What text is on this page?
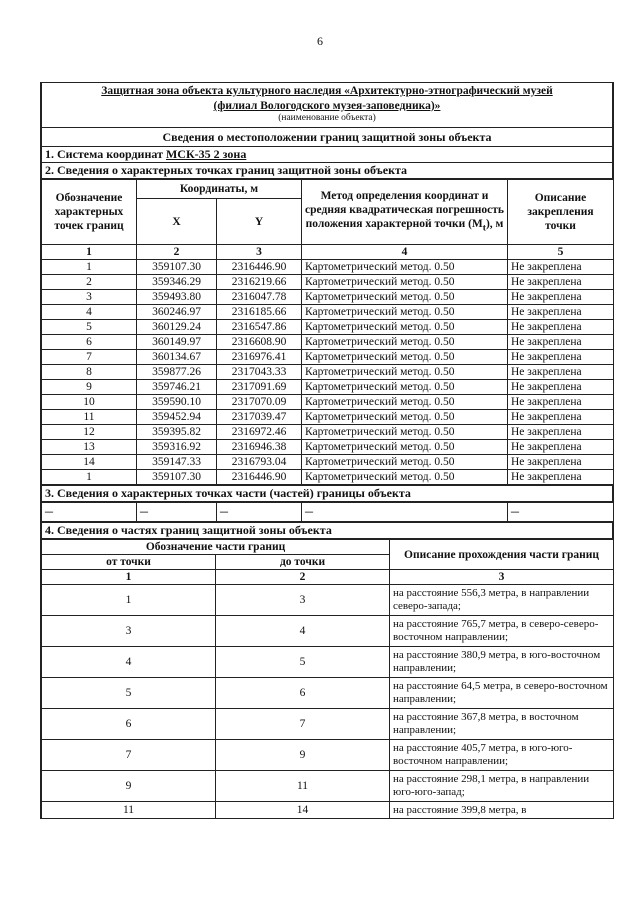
6
Защитная зона объекта культурного наследия «Архитектурно-этнографический музей
(филиал Вологодского музея-заповедника)»
(наименование объекта)

Сведения о местоположении границ защитной зоны объекта
1. Система координат МСК-35 2 зона
2. Сведения о характерных точках границ защитной зоны объекта
Обозначение характерных точек границ	Координаты, м		Метод определения координат и средняя квадратическая погрешность положения характерной точки $(M_t)$, м	Описание закрепления точки
	X	Y		
1	2	3	4	5
1	359107.30	2316446.90	Картометрический метод. 0.50	Не закреплена
2	359346.29	2316219.66	Картометрический метод. 0.50	Не закреплена
3	359493.80	2316047.78	Картометрический метод. 0.50	Не закреплена
4	360246.97	2316185.66	Картометрический метод. 0.50	Не закреплена
5	360129.24	2316547.86	Картометрический метод. 0.50	Не закреплена
6	360149.97	2316608.90	Картометрический метод. 0.50	Не закреплена
7	360134.67	2316976.41	Картометрический метод. 0.50	Не закреплена
8	359877.26	2317043.33	Картометрический метод. 0.50	Не закреплена
9	359746.21	2317091.69	Картометрический метод. 0.50	Не закреплена
10	359590.10	2317070.09	Картометрический метод. 0.50	Не закреплена
11	359452.94	2317039.47	Картометрический метод. 0.50	Не закреплена
12	359395.82	2316972.46	Картометрический метод. 0.50	Не закреплена
13	359316.92	2316946.38	Картометрический метод. 0.50	Не закреплена
14	359147.33	2316793.04	Картометрический метод. 0.50	Не закреплена
1	359107.30	2316446.90	Картометрический метод. 0.50	Не закреплена
3. Сведения о характерных точках части (частей) границы объекта
–	–	–	–	–
4. Сведения о частях границ защитной зоны объекта
Обозначение части границ		Описание прохождения части границ
от точки	до точки	
1	2	3
1	3	на расстояние 556,3 метра, в направлении северо-запада;
3	4	на расстояние 765,7 метра, в северо-северо-восточном направлении;
4	5	на расстояние 380,9 метра, в юго-восточном направлении;
5	6	на расстояние 64,5 метра, в северо-восточном направлении;
6	7	на расстояние 367,8 метра, в восточном направлении;
7	9	на расстояние 405,7 метра, в юго-юго-восточном направлении;
9	11	на расстояние 298,1 метра, в направлении юго-юго-запад;
11	14	на расстояние 399,8 метра, в
